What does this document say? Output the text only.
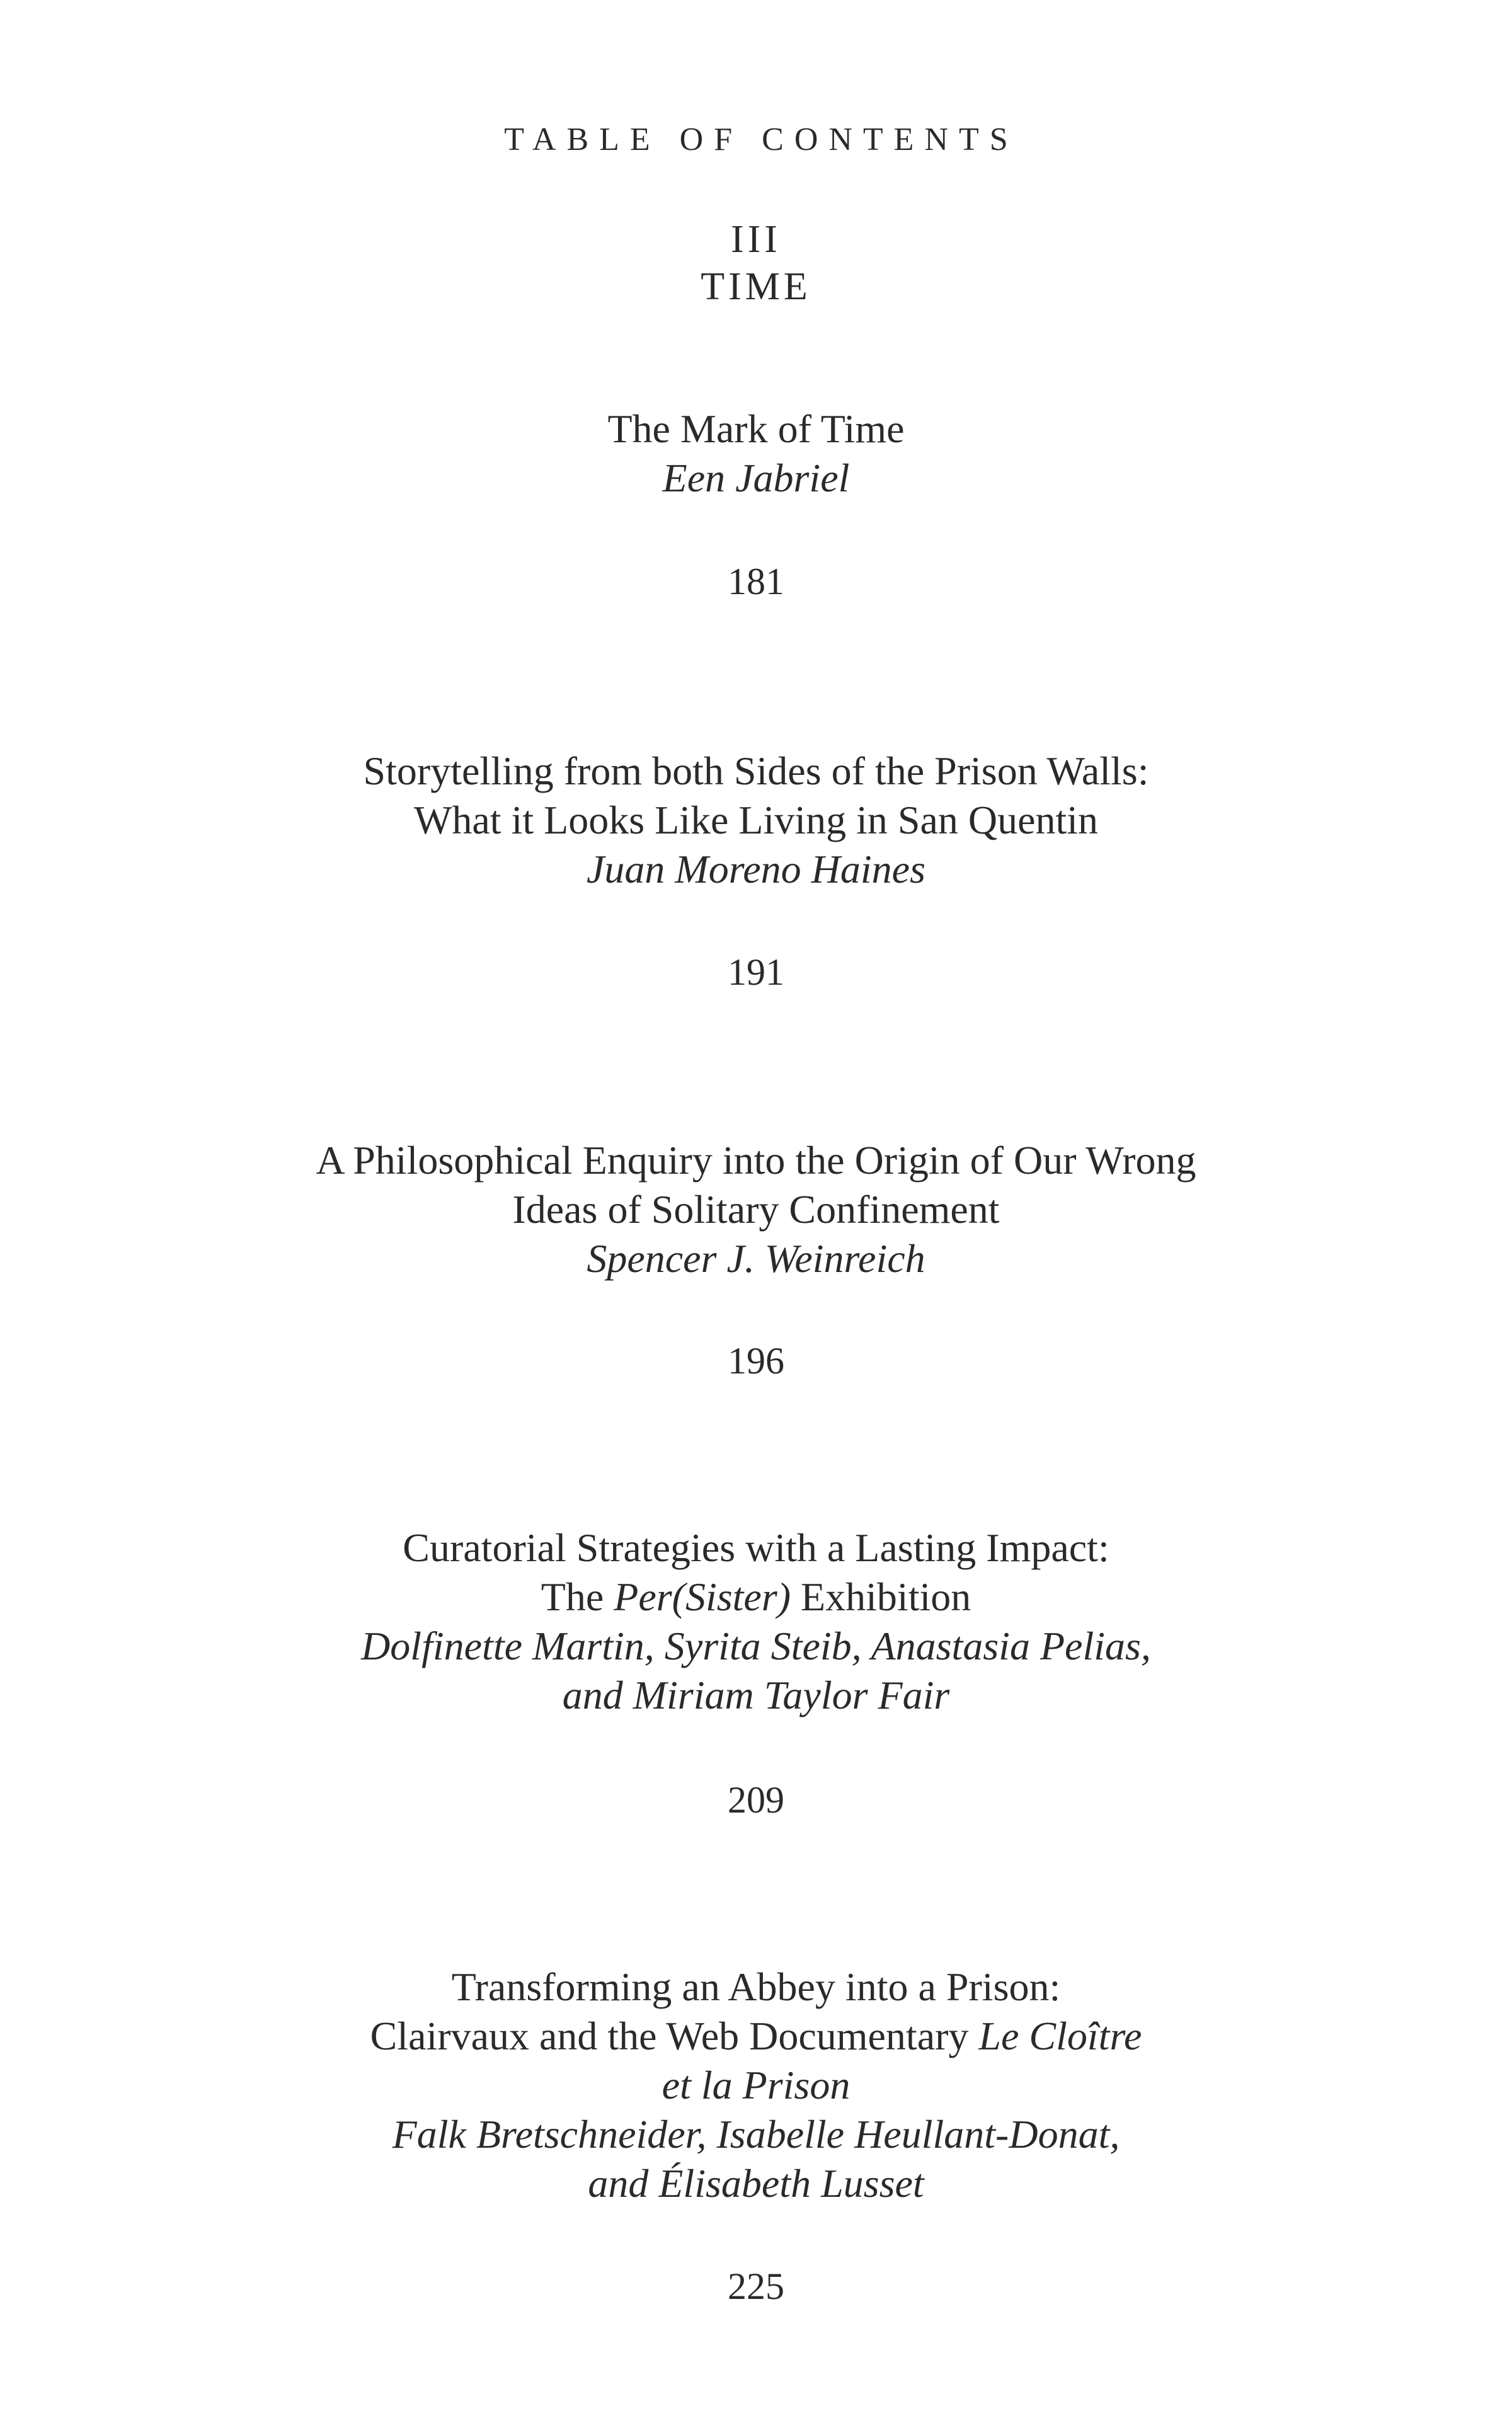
TABLE OF CONTENTS
III
TIME

The Mark of Time

Een Jabriel

181

Storytelling from both Sides of the Prison Walls:

What it Looks Like Living in San Quentin

Juan Moreno Haines

191

A Philosophical Enquiry into the Origin of Our Wrong

Ideas of Solitary Confinement

Spencer J. Weinreich

196

Curatorial Strategies with a Lasting Impact:

The Per(Sister) Exhibition

Dolfinette Martin, Syrita Steib, Anastasia Pelias,

and Miriam Taylor Fair

209

Transforming an Abbey into a Prison:

Clairvaux and the Web Documentary Le Cloître

et la Prison

Falk Bretschneider, Isabelle Heullant-Donat,

and Élisabeth Lusset

225
